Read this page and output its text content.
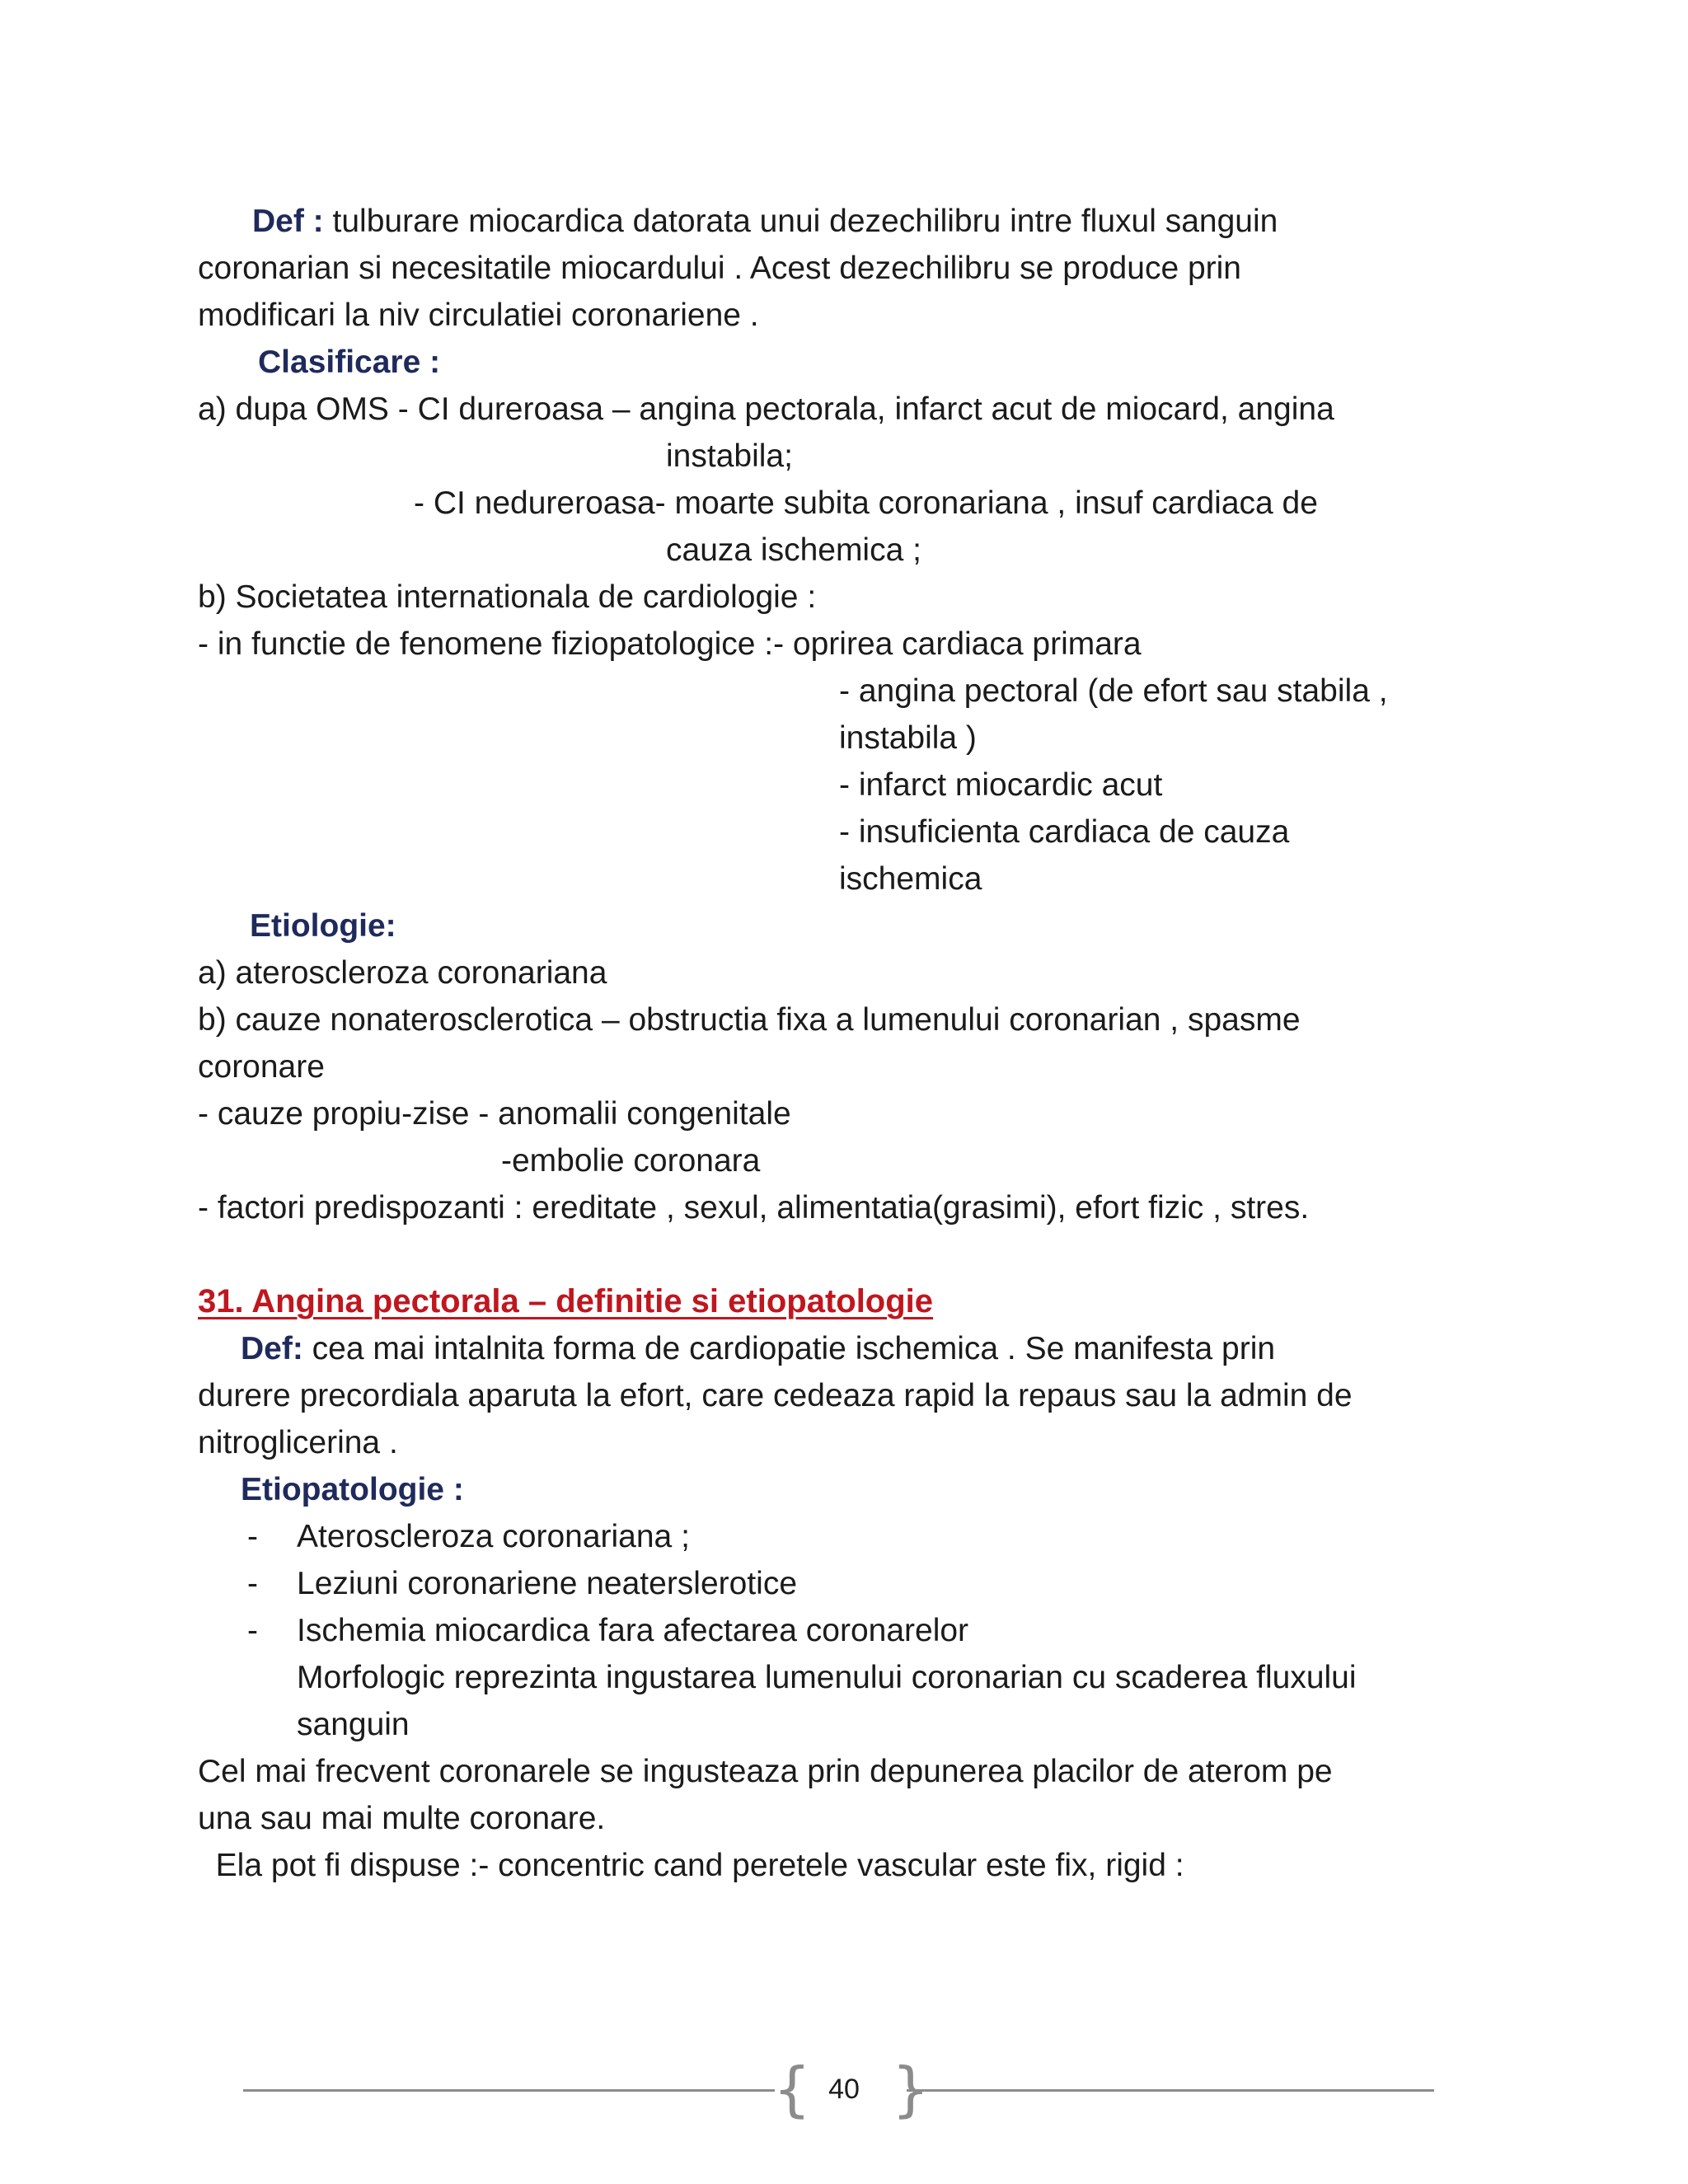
Def : tulburare miocardica datorata unui dezechilibru intre fluxul sanguin

coronarian si necesitatile miocardului . Acest dezechilibru se produce prin

modificari la niv circulatiei coronariene .

Clasificare :

a) dupa OMS - CI dureroasa – angina pectorala, infarct acut de miocard, angina

instabila;

- CI nedureroasa- moarte subita coronariana , insuf cardiaca de

cauza ischemica ;

b) Societatea internationala de cardiologie :

- in functie de fenomene fiziopatologice :- oprirea cardiaca primara

- angina pectoral (de efort sau stabila ,

instabila )

- infarct miocardic acut

- insuficienta cardiaca de cauza

ischemica

Etiologie:

a) ateroscleroza coronariana

b) cauze nonaterosclerotica – obstructia fixa a lumenului coronarian , spasme

coronare

- cauze propiu-zise - anomalii congenitale

-embolie coronara

- factori predispozanti : ereditate , sexul, alimentatia(grasimi), efort fizic , stres.

31. Angina pectorala – definitie si etiopatologie

Def: cea mai intalnita forma de cardiopatie ischemica . Se manifesta prin

durere precordiala aparuta la efort, care cedeaza rapid la repaus sau la admin de

nitroglicerina .

Etiopatologie :

- Ateroscleroza coronariana ;

- Leziuni coronariene neaterslerotice

- Ischemia miocardica fara afectarea coronarelor

Morfologic reprezinta ingustarea lumenului coronarian cu scaderea fluxului

sanguin

Cel mai frecvent coronarele se ingusteaza prin depunerea placilor de aterom pe

una sau mai multe coronare.

Ela pot fi dispuse :- concentric cand peretele vascular este fix, rigid :

{ }
40
